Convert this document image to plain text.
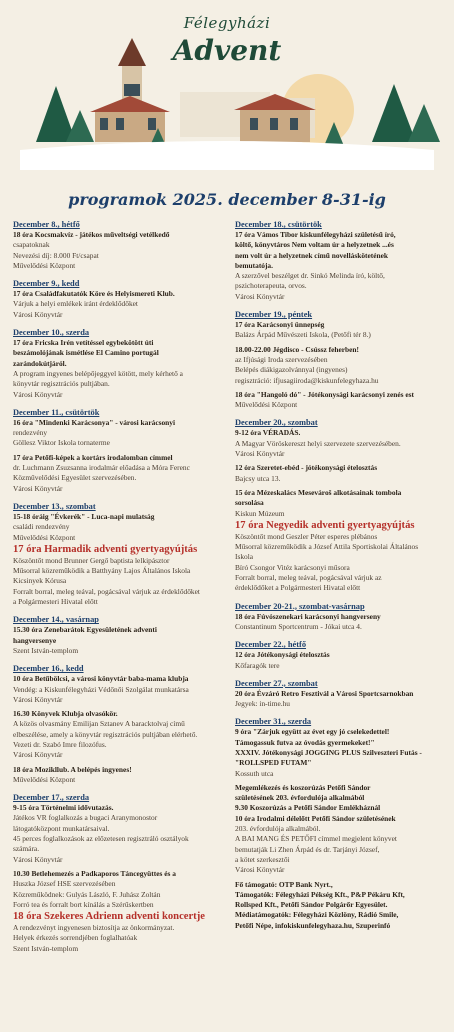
Félegyházi
Advent
programok 2025. december 8-31-ig
December 8., hétfő
18 óra Kocsmakvíz - játékos műveltségi vetélkedő
csapatoknak
Nevezési díj: 8.000 Ft/csapat
Művelődési Központ
December 9., kedd
17 óra Családfakutatók Köre és Helyismereti Klub.
Várjuk a helyi emlékek iránt érdeklődőket
Városi Könyvtár
December 10., szerda
17 óra Fricska Irén vetítéssel egybekötött úti
beszámolójának ismétlése El Camino portugál
zarándokútjáról.
A program ingyenes belépőjeggyel kötött, mely kérhető a
könyvtár regisztrációs pultjában.
Városi Könyvtár
December 11., csütörtök
16 óra "Mindenki Karácsonya" - városi karácsonyi
rendezvény
Göllesz Viktor Iskola tornaterme
17 óra Petőfi-képek a kortárs irodalomban címmel
dr. Luchmann Zsuzsanna irodalmár előadása a Móra Ferenc
Közművelődési Egyesület szervezésében.
Városi Könyvtár
December 13., szombat
15-18 óráig "Évkerék" - Luca-napi mulatság
családi rendezvény
Művelődési Központ
17 óra Harmadik adventi gyertyagyújtás
Köszöntőt mond Brunner Gergő baptista lelkipásztor
Műsorral közreműködik a Batthyány Lajos Általános Iskola
Kicsinyek Kórusa
Forralt borral, meleg teával, pogácsával várjuk az érdeklődőket
a Polgármesteri Hivatal előtt
December 14., vasárnap
15.30 óra Zenebarátok Egyesületének adventi
hangversenye
Szent István-templom
December 16., kedd
10 óra Betűbölcsi, a városi könyvtár baba-mama klubja
Vendég: a Kiskunfélegyházi Védőnői Szolgálat munkatársa
Városi Könyvtár
16.30 Könyvek Klubja olvasókör.
A közös olvasmány Emilijan Sztanev A baracktolvaj című
elbeszélése, amely a könyvtár regisztrációs pultjában elérhető.
Vezeti dr. Szabó Imre filozófus.
Városi Könyvtár
18 óra Mozikllub. A belépés ingyenes!
Művelődési Központ
December 17., szerda
9-15 óra Történelmi idővutazás.
Játékos VR foglalkozás a bugaci Aranymonostor
látogatóközpont munkatársaival.
45 perces foglalkozások az előzetesen regisztráló osztályok
számára.
Városi Könyvtár
10.30 Betlehemezés a Padkaporos Táncegyüttes és a
Huszka József HSE szervezésében
Közreműködnek: Gulyás László, F. Juhász Zoltán
Forró tea és forralt bort kínálás a Szérűskertben
18 óra Szekeres Adrienn adventi koncertje
A rendezvényt ingyenesen biztosítja az önkormányzat.
Helyek érkezés sorrendjében foglalhatóak
Szent István-templom
December 18., csütörtök
17 óra Vámos Tibor kiskunfélegyházi születésű író,
költő, könyvtáros Nem voltam úr a helyzetnek ...és
nem volt úr a helyzetnek című novelláskötetének
bemutatója.
A szerzővel beszélget dr. Sinkó Melinda író, költő,
pszichoterapeuta, orvos.
Városi Könyvtár
December 19., péntek
17 óra Karácsonyi ünnepség
Balázs Árpád Művészeti Iskola, (Petőfi tér 8.)
18.00-22.00 Jégdisco - Csússz feherben!
az Ifjúsági Iroda szervezésében
Belépés diákigazolvánnyal (ingyenes)
regisztráció: ifjusagiiroda@kiskunfelegyhaza.hu
18 óra "Hangoló dó" - Jótékonysági karácsonyi zenés est
Művelődési Központ
December 20., szombat
9-12 óra VÉRADÁS.
A Magyar Vöröskereszt helyi szervezete szervezésében.
Városi Könyvtár
12 óra Szeretet-ebéd - jótékonysági ételosztás
Bajcsy utca 13.
15 óra Mézeskalács Mesevároš alkotásainak tombola
sorsolása
Kiskun Múzeum
17 óra Negyedik adventi gyertyagyújtás
Köszöntőt mond Geszler Péter esperes plébános
Műsorral közreműködik a József Attila Sportiskolai Általános
Iskola
Bíró Csongor Vitéz karácsonyi műsora
Forralt borral, meleg teával, pogácsával várjuk az
érdeklődőket a Polgármesteri Hivatal előtt
December 20-21., szombat-vasárnap
18 óra Fúvószenekari karácsonyi hangverseny
Constantinum Sportcentrum - Jókai utca 4.
December 22., hétfő
12 óra Jótékonysági ételosztás
Kőfaragók tere
December 27., szombat
20 óra Évzáró Retro Fesztivál a Városi Sportcsarnokban
Jegyek: in-time.hu
December 31., szerda
9 óra "Zárjuk együtt az évet egy jó cselekedettel!
Támogassuk futva az óvodás gyermekeket!"
XXXIV. Jótékonysági JOGGING PLUS Szilveszteri Futás -
"ROLLSPED FUTAM"
Kossuth utca
Megemlékezés és koszorúzás Petőfi Sándor
születésének 203. évfordulója alkalmából
9.30 Koszorúzás a Petőfi Sándor Emlékháznál
10 óra Irodalmi délelőtt Petőfi Sándor születésének
203. évfordulója alkalmából.
A BAI MANG ÉS PETŐFI címmel megjelent könyvet
bemutatják Li Zhen Árpád és dr. Tarjányi József,
a kötet szerkesztői
Városi Könyvtár
Fő támogató: OTP Bank Nyrt.,
Támogatók: Félegyházi Pékség Kft., P&P Pékáru Kft,
Rollsped Kft., Petőfi Sándor Polgárőr Egyesület.
Médiatámogatók: Félegyházi Közlöny, Rádió Smile,
Petőfi Népe, infokiskunfelegyhaza.hu, Szuperinfó
